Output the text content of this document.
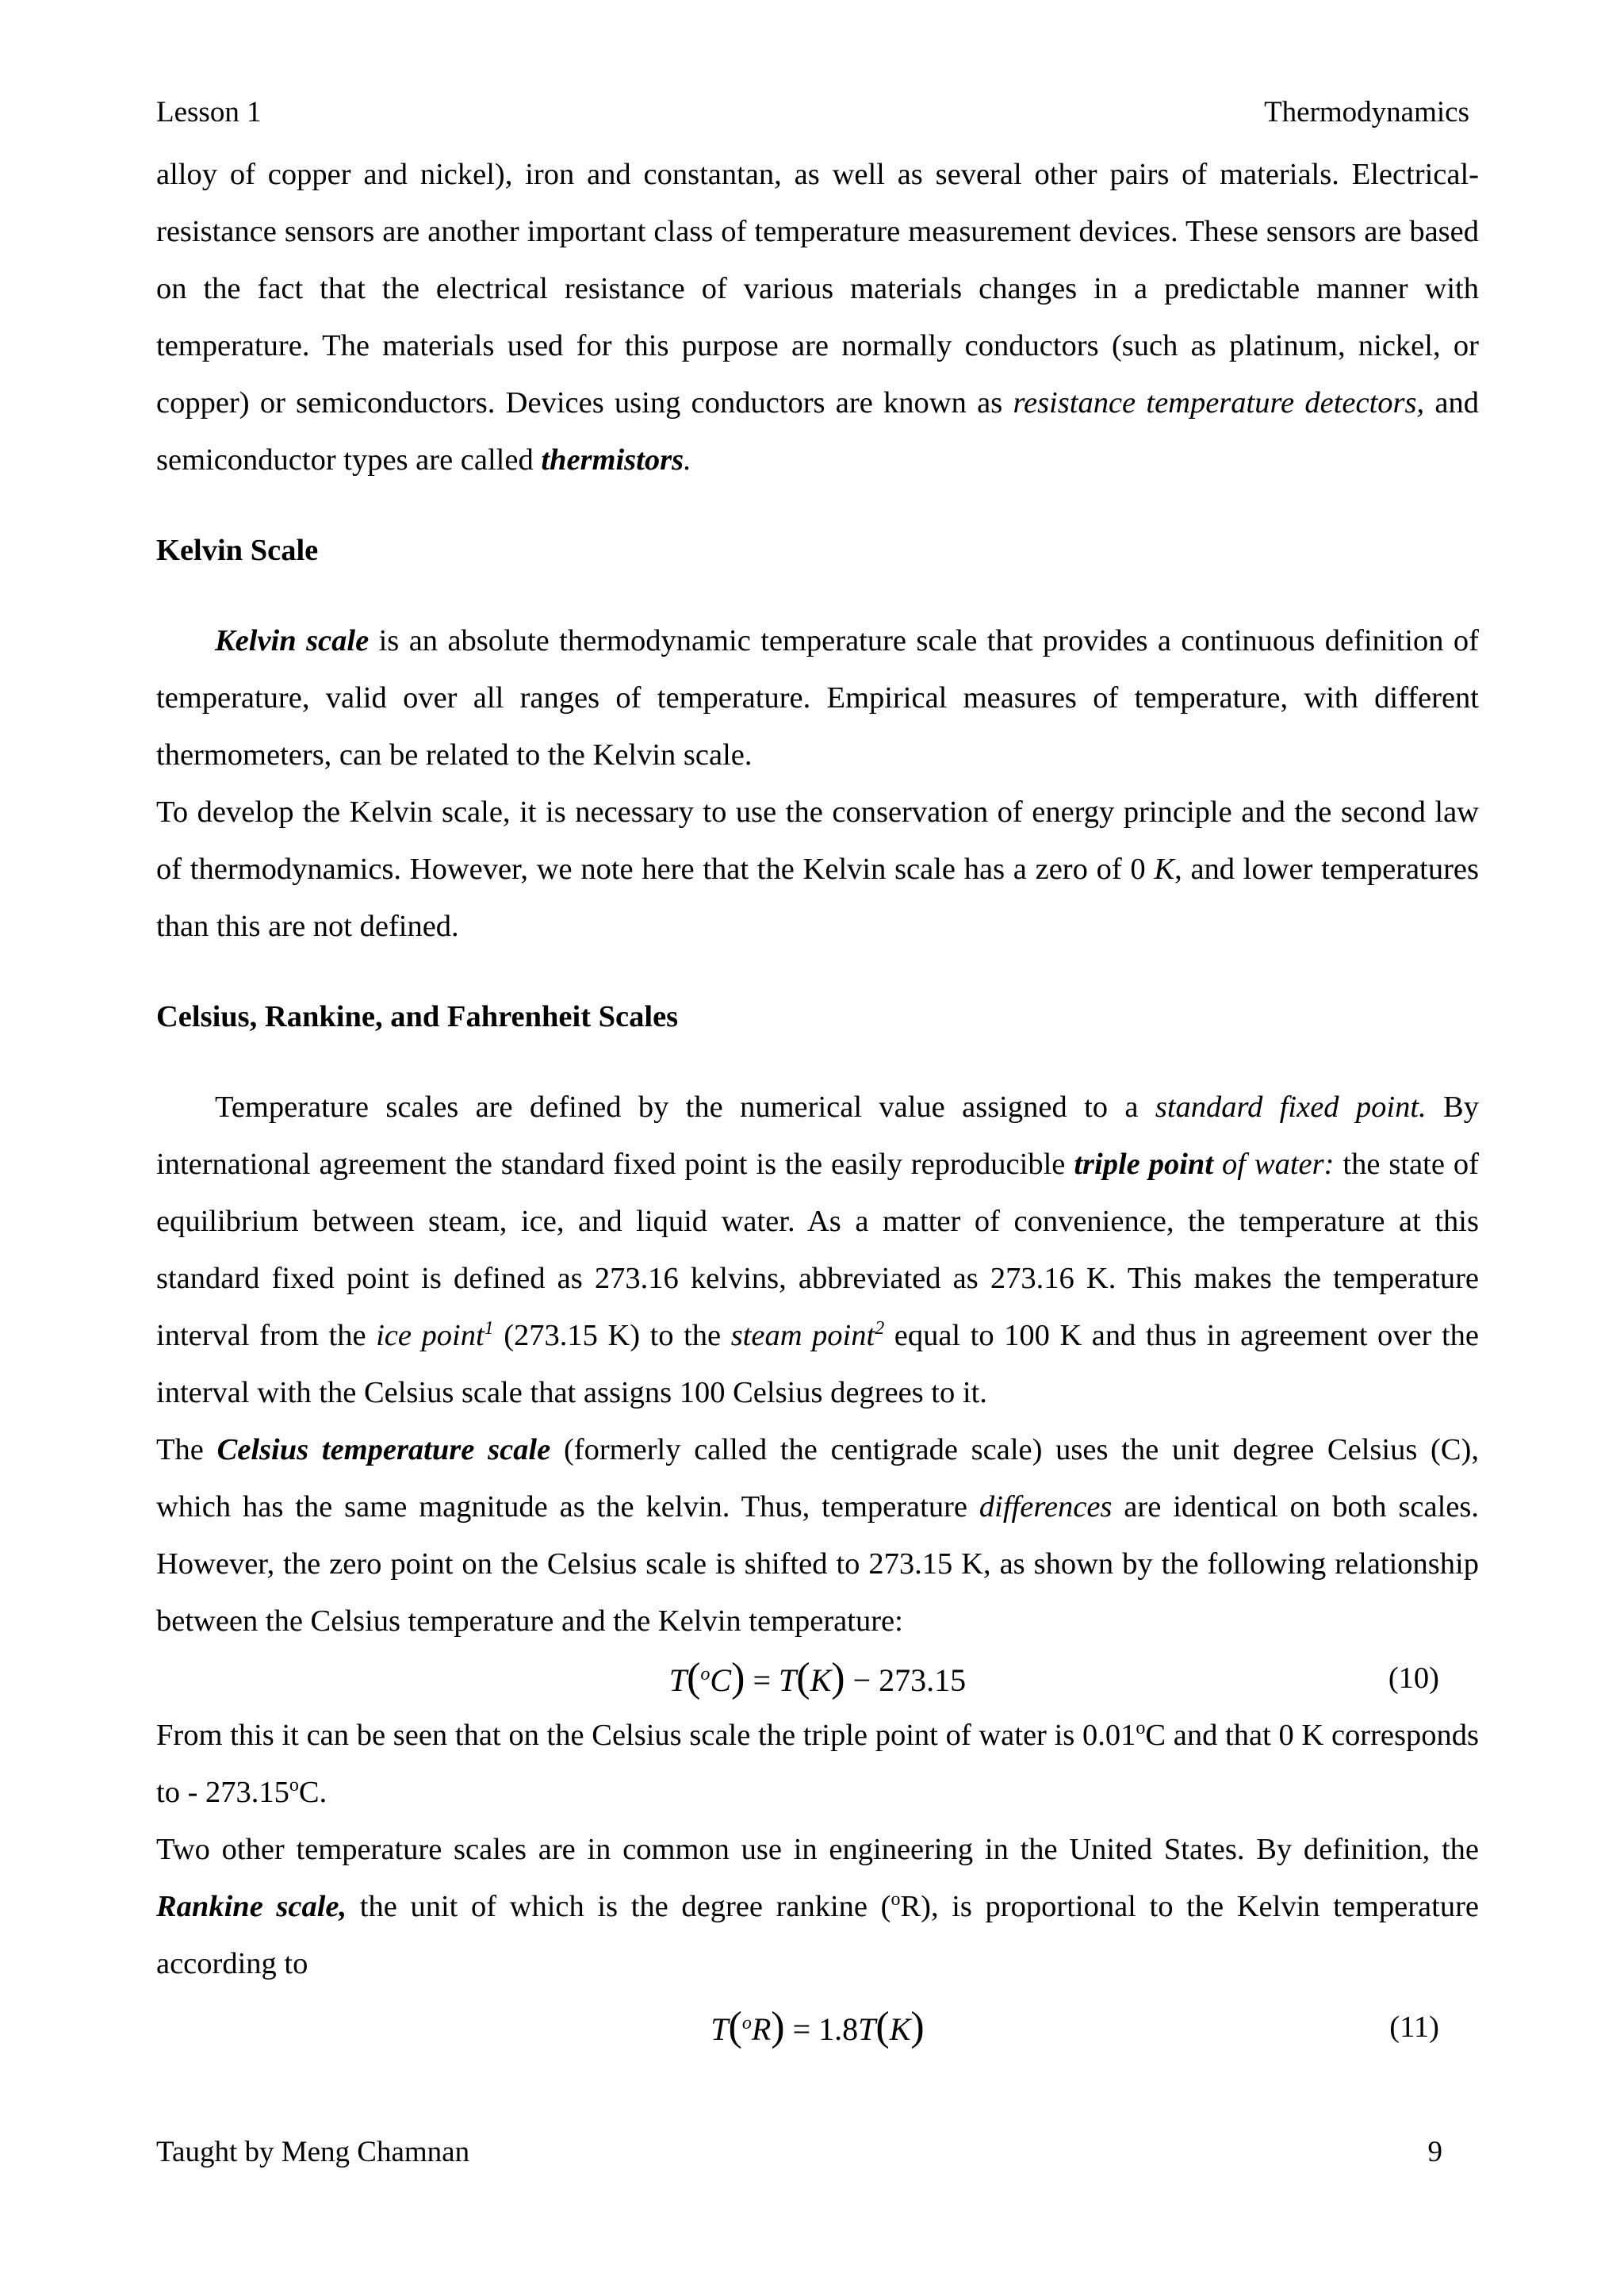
Lesson 1	Thermodynamics

alloy of copper and nickel), iron and constantan, as well as several other pairs of materials. Electrical-resistance sensors are another important class of temperature measurement devices. These sensors are based on the fact that the electrical resistance of various materials changes in a predictable manner with temperature. The materials used for this purpose are normally conductors (such as platinum, nickel, or copper) or semiconductors. Devices using conductors are known as resistance temperature detectors, and semiconductor types are called thermistors.

Kelvin Scale

Kelvin scale is an absolute thermodynamic temperature scale that provides a continuous definition of temperature, valid over all ranges of temperature. Empirical measures of temperature, with different thermometers, can be related to the Kelvin scale.

To develop the Kelvin scale, it is necessary to use the conservation of energy principle and the second law of thermodynamics. However, we note here that the Kelvin scale has a zero of 0 K, and lower temperatures than this are not defined.

Celsius, Rankine, and Fahrenheit Scales

Temperature scales are defined by the numerical value assigned to a standard fixed point. By international agreement the standard fixed point is the easily reproducible triple point of water: the state of equilibrium between steam, ice, and liquid water. As a matter of convenience, the temperature at this standard fixed point is defined as 273.16 kelvins, abbreviated as 273.16 K. This makes the temperature interval from the ice point$^1$ (273.15 K) to the steam point$^2$ equal to 100 K and thus in agreement over the interval with the Celsius scale that assigns 100 Celsius degrees to it.

The Celsius temperature scale (formerly called the centigrade scale) uses the unit degree Celsius (C), which has the same magnitude as the kelvin. Thus, temperature differences are identical on both scales. However, the zero point on the Celsius scale is shifted to 273.15 K, as shown by the following relationship between the Celsius temperature and the Kelvin temperature:

T($^o$C) = T(K) − 273.15	(10)

From this it can be seen that on the Celsius scale the triple point of water is 0.01$^o$C and that 0 K corresponds to - 273.15$^o$C.

Two other temperature scales are in common use in engineering in the United States. By definition, the Rankine scale, the unit of which is the degree rankine ($^o$R), is proportional to the Kelvin temperature according to

T($^o$R) = 1.8T(K)	(11)
Taught by Meng Chamnan	9
